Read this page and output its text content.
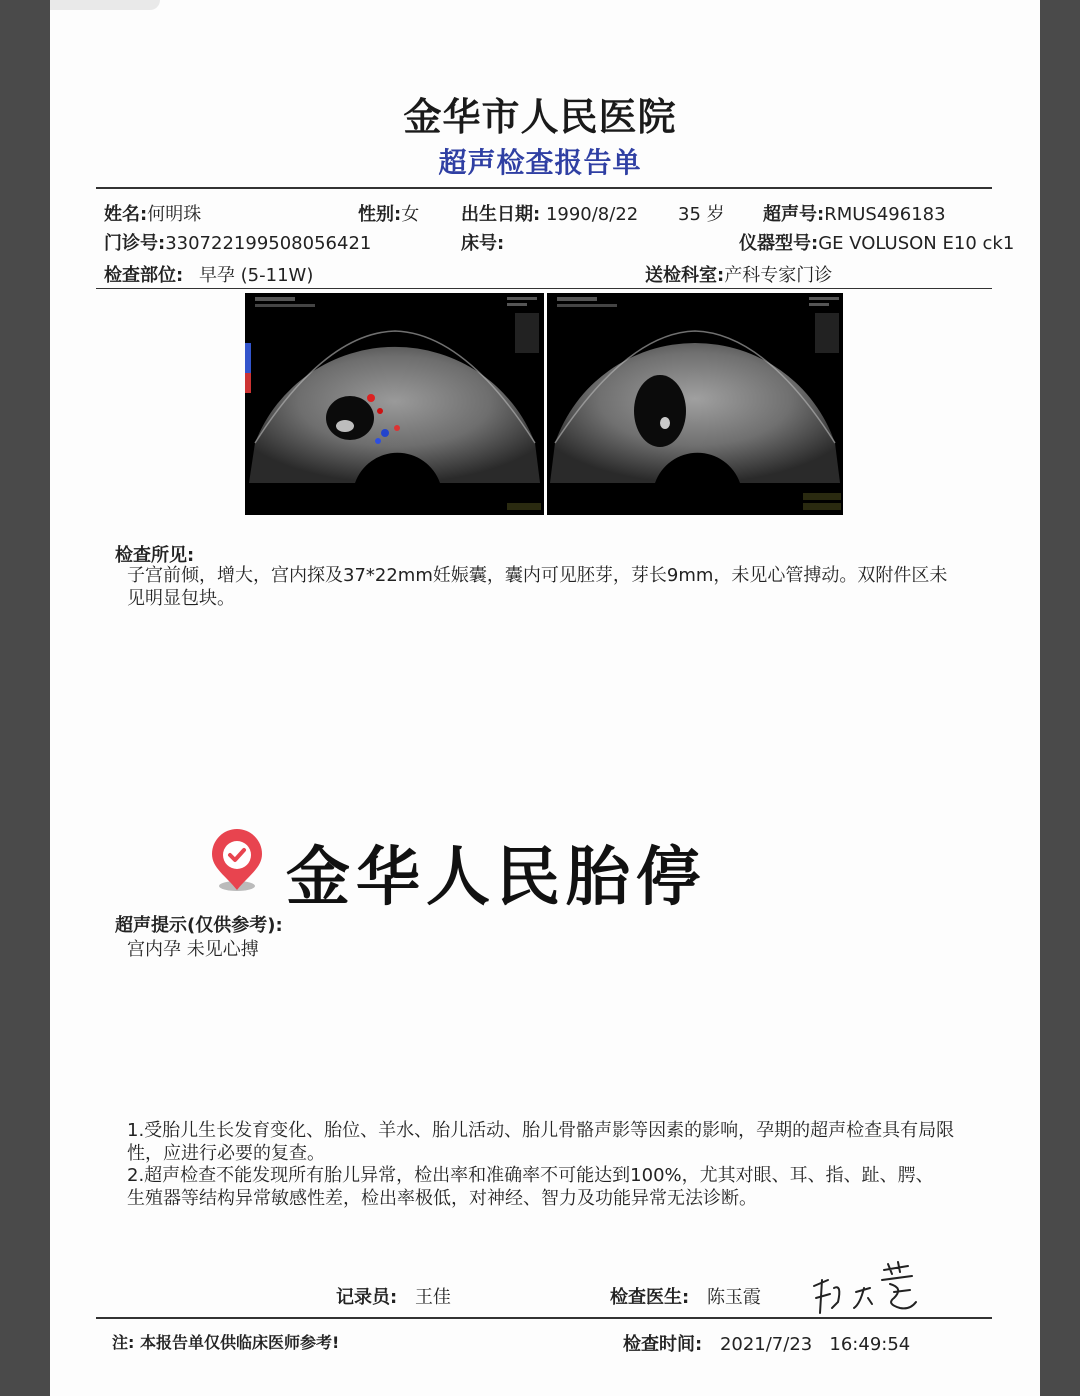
金华市人民医院
超声检查报告单
姓名:何明珠	性别:女 出生日期: 1990/8/22 35 岁 超声号:RMUS496183
门诊号:330722199508056421	床号:	仪器型号:GE VOLUSON E10 ck1
检查部位: 早孕 (5-11W)	送检科室:产科专家门诊
检查所见:
子宫前倾，增大，宫内探及37*22mm妊娠囊，囊内可见胚芽，芽长9mm，未见心管搏动。双附件区未见明显包块。
金华人民胎停
超声提示(仅供参考):
宫内孕 未见心搏
1.受胎儿生长发育变化、胎位、羊水、胎儿活动、胎儿骨骼声影等因素的影响，孕期的超声检查具有局限性，应进行必要的复查。
2.超声检查不能发现所有胎儿异常，检出率和准确率不可能达到100%，尤其对眼、耳、指、趾、腭、生殖器等结构异常敏感性差，检出率极低，对神经、智力及功能异常无法诊断。
记录员: 王佳	检查医生: 陈玉霞
注: 本报告单仅供临床医师参考!	检查时间: 2021/7/23   16:49:54
